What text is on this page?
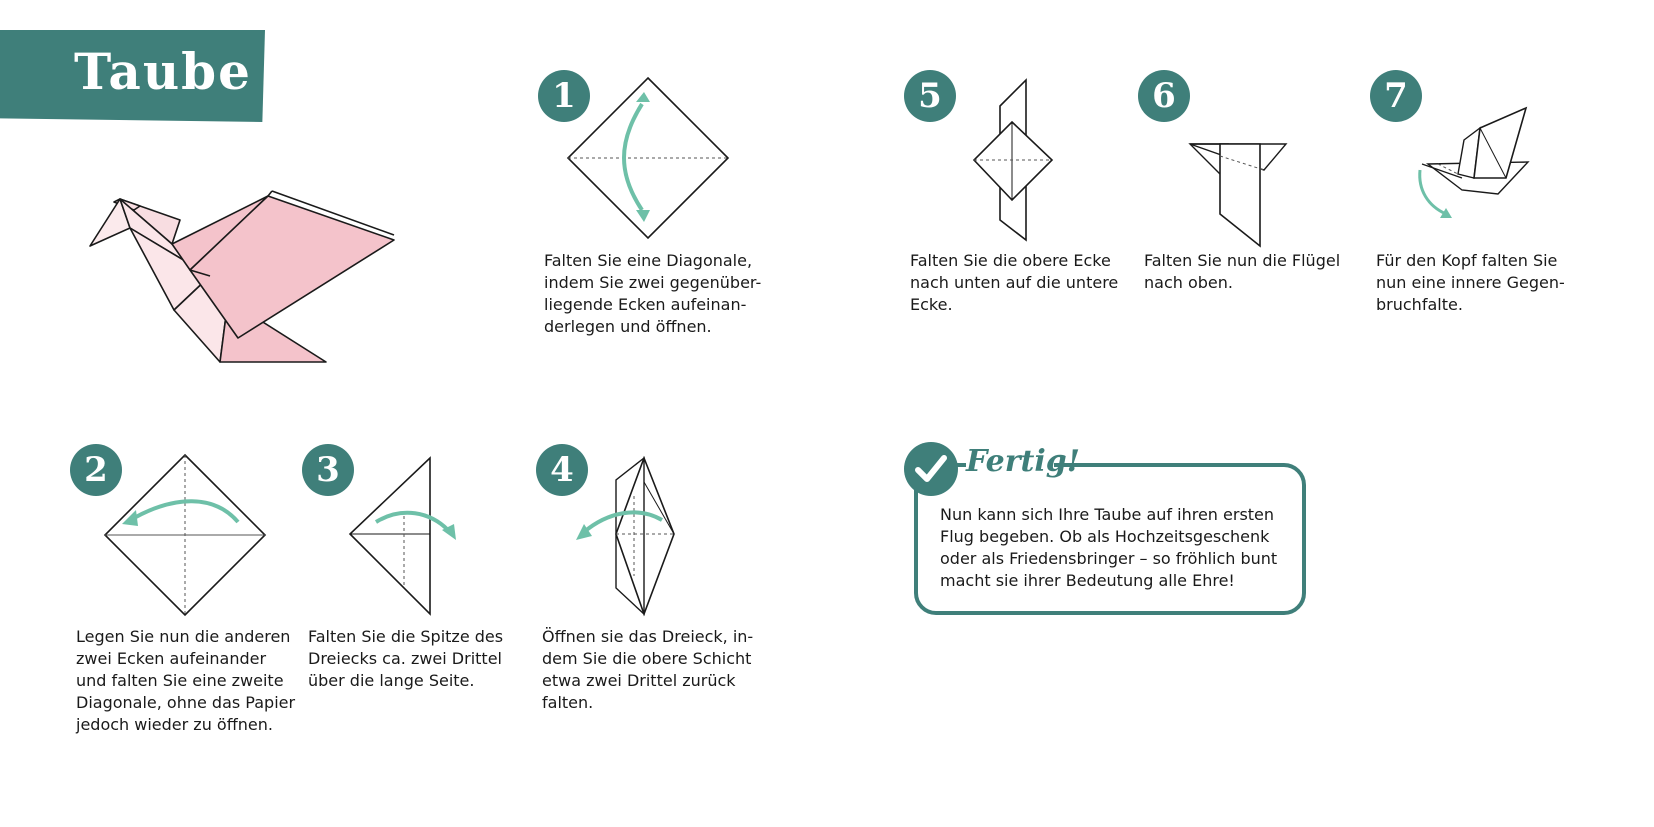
Taube	1
Falten Sie eine Diagonale,
indem Sie zwei gegenüber-
liegende Ecken aufeinan-
derlegen und öffnen.
2
Legen Sie nun die anderen
zwei Ecken aufeinander
und falten Sie eine zweite
Diagonale, ohne das Papier
jedoch wieder zu öffnen.
3
Falten Sie die Spitze des
Dreiecks ca. zwei Drittel
über die lange Seite.
4
Öffnen sie das Dreieck, in-
dem Sie die obere Schicht
etwa zwei Drittel zurück
falten.
5
Falten Sie die obere Ecke
nach unten auf die untere
Ecke.
6
Falten Sie nun die Flügel
nach oben.
7
Für den Kopf falten Sie
nun eine innere Gegen-
bruchfalte.
Fertig!
Nun kann sich Ihre Taube auf ihren ersten
Flug begeben. Ob als Hochzeitsgeschenk
oder als Friedensbringer – so fröhlich bunt
macht sie ihrer Bedeutung alle Ehre!
